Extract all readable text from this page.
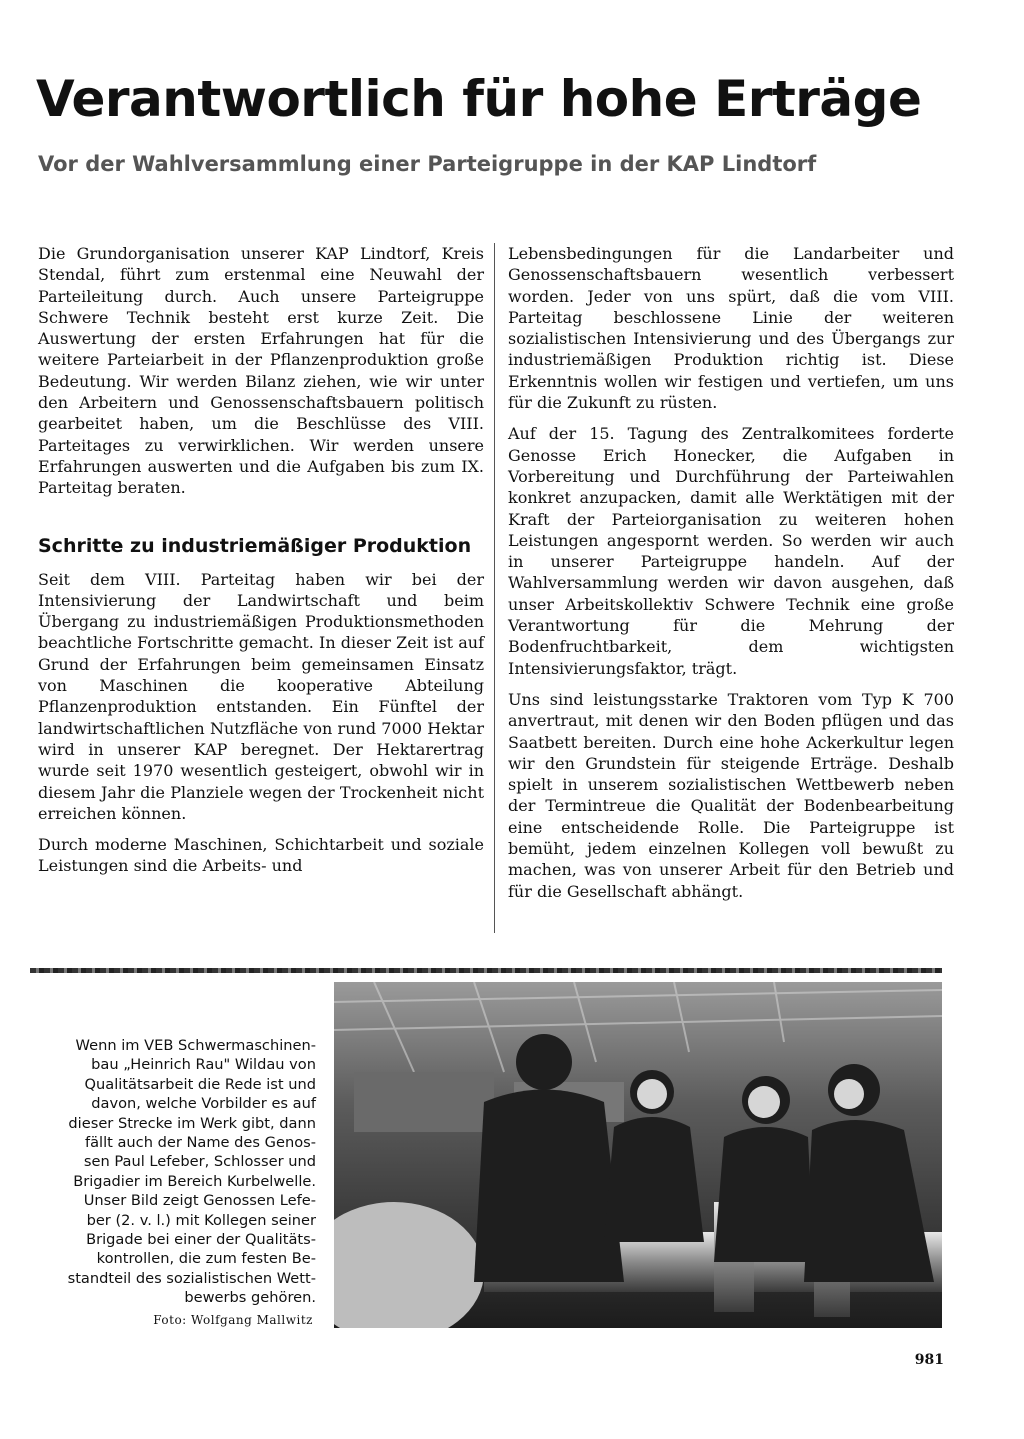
Verantwortlich für hohe Erträge
Vor der Wahlversammlung einer Parteigruppe in der KAP Lindtorf

Die Grundorganisation unserer KAP Lindtorf, Kreis Stendal, führt zum erstenmal eine Neuwahl der Parteileitung durch. Auch unsere Parteigruppe Schwere Technik besteht erst kurze Zeit. Die Auswertung der ersten Erfahrungen hat für die weitere Parteiarbeit in der Pflanzenproduktion große Bedeutung. Wir werden Bilanz ziehen, wie wir unter den Arbeitern und Genossenschaftsbauern politisch gearbeitet haben, um die Beschlüsse des VIII. Parteitages zu verwirklichen. Wir werden unsere Erfahrungen auswerten und die Aufgaben bis zum IX. Parteitag beraten.

Schritte zu industriemäßiger Produktion

Seit dem VIII. Parteitag haben wir bei der Intensivierung der Landwirtschaft und beim Übergang zu industriemäßigen Produktionsmethoden beachtliche Fortschritte gemacht. In dieser Zeit ist auf Grund der Erfahrungen beim gemeinsamen Einsatz von Maschinen die kooperative Abteilung Pflanzenproduktion entstanden. Ein Fünftel der landwirtschaftlichen Nutzfläche von rund 7000 Hektar wird in unserer KAP beregnet. Der Hektarertrag wurde seit 1970 wesentlich gesteigert, obwohl wir in diesem Jahr die Planziele wegen der Trockenheit nicht erreichen können.

Durch moderne Maschinen, Schichtarbeit und soziale Leistungen sind die Arbeits- und

Lebensbedingungen für die Landarbeiter und Genossenschaftsbauern wesentlich verbessert worden. Jeder von uns spürt, daß die vom VIII. Parteitag beschlossene Linie der weiteren sozialistischen Intensivierung und des Übergangs zur industriemäßigen Produktion richtig ist. Diese Erkenntnis wollen wir festigen und vertiefen, um uns für die Zukunft zu rüsten.

Auf der 15. Tagung des Zentralkomitees forderte Genosse Erich Honecker, die Aufgaben in Vorbereitung und Durchführung der Parteiwahlen konkret anzupacken, damit alle Werktätigen mit der Kraft der Parteiorganisation zu weiteren hohen Leistungen angespornt werden. So werden wir auch in unserer Parteigruppe handeln. Auf der Wahlversammlung werden wir davon ausgehen, daß unser Arbeitskollektiv Schwere Technik eine große Verantwortung für die Mehrung der Bodenfruchtbarkeit, dem wichtigsten Intensivierungsfaktor, trägt.

Uns sind leistungsstarke Traktoren vom Typ K 700 anvertraut, mit denen wir den Boden pflügen und das Saatbett bereiten. Durch eine hohe Ackerkultur legen wir den Grundstein für steigende Erträge. Deshalb spielt in unserem sozialistischen Wettbewerb neben der Termintreue die Qualität der Bodenbearbeitung eine entscheidende Rolle. Die Parteigruppe ist bemüht, jedem einzelnen Kollegen voll bewußt zu machen, was von unserer Arbeit für den Betrieb und für die Gesellschaft abhängt.

Wenn im VEB Schwermaschinen-
bau „Heinrich Rau" Wildau von
Qualitätsarbeit die Rede ist und
davon, welche Vorbilder es auf
dieser Strecke im Werk gibt, dann
fällt auch der Name des Genos-
sen Paul Lefeber, Schlosser und
Brigadier im Bereich Kurbelwelle.
Unser Bild zeigt Genossen Lefe-
ber (2. v. l.) mit Kollegen seiner
Brigade bei einer der Qualitäts-
kontrollen, die zum festen Be-
standteil des sozialistischen Wett-
bewerbs gehören.
Foto: Wolfgang Mallwitz
981
